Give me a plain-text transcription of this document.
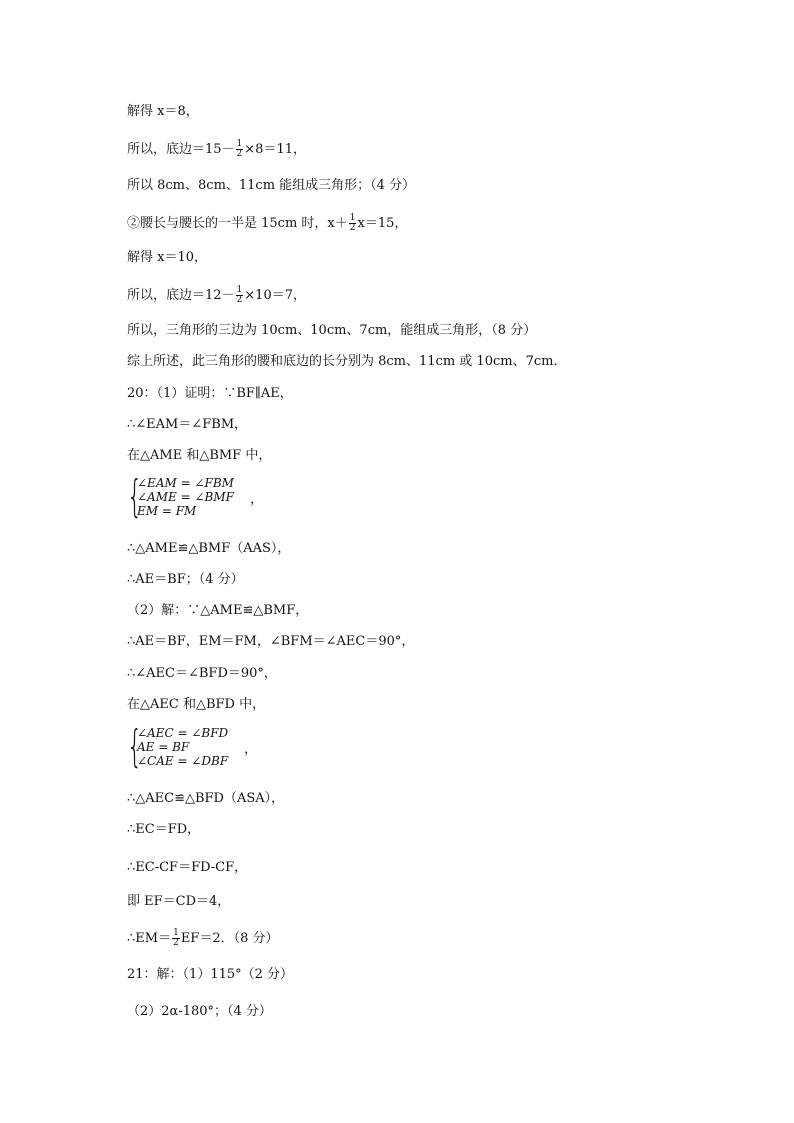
解得 x＝8，
所以，底边$=15- \frac{1}{2} \times 8=11$，
所以 8cm、8cm、11cm 能组成三角形；（4 分）
②腰长与腰长的一半是 15cm 时，$x+ \frac{1}{2} x=15$，
解得 x＝10，
所以，底边$=12- \frac{1}{2} \times 10=7$，
所以，三角形的三边为 10cm、10cm、7cm，能组成三角形，（8 分）
综上所述，此三角形的腰和底边的长分别为 8cm、11cm 或 10cm、7cm．
20：（1）证明：∵BF∥AE，
∴∠EAM＝∠FBM，
在△AME 和△BMF 中，
{
∠EAM = ∠FBM
∠AME = ∠BMF
EM = FM
，
∴△AME≌△BMF（AAS），
∴AE＝BF；（4 分）
（2）解：∵△AME≌△BMF，
∴AE＝BF，EM＝FM，∠BFM＝∠AEC＝90°，
∴∠AEC＝∠BFD＝90°，
在△AEC 和△BFD 中，
{
∠AEC = ∠BFD
AE = BF
∠CAE = ∠DBF
，
∴△AEC≌△BFD（ASA），
∴EC＝FD，
∴EC-CF＝FD-CF，
即 EF＝CD＝4，
∴EM＝ $\frac{1}{2} EF=2$．（8 分）
21：解：（1）115°（2 分）
（2）2α-180°；（4 分）
